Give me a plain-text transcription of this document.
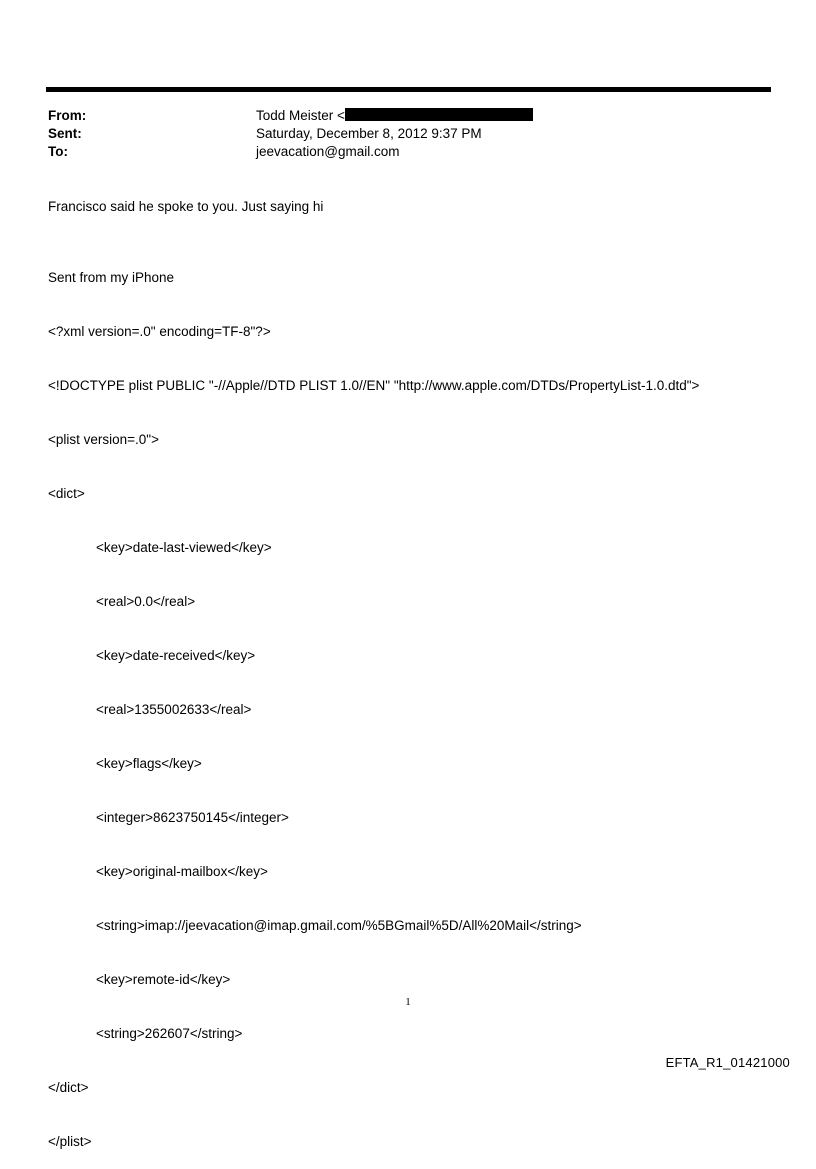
From:	Todd Meister <
Sent:	Saturday, December 8, 2012 9:37 PM
To:	jeevacation@gmail.com
Francisco said he spoke to you. Just saying hi

Sent from my iPhone

<?xml version=.0" encoding=TF-8"?>

<!DOCTYPE plist PUBLIC "-//Apple//DTD PLIST 1.0//EN" "http://www.apple.com/DTDs/PropertyList-1.0.dtd">

<plist version=.0">

<dict>

<key>date-last-viewed</key>

<real>0.0</real>

<key>date-received</key>

<real>1355002633</real>

<key>flags</key>

<integer>8623750145</integer>

<key>original-mailbox</key>

<string>imap://jeevacation@imap.gmail.com/%5BGmail%5D/All%20Mail</string>

<key>remote-id</key>

<string>262607</string>

</dict>

</plist>

1
EFTA_R1_01421000
